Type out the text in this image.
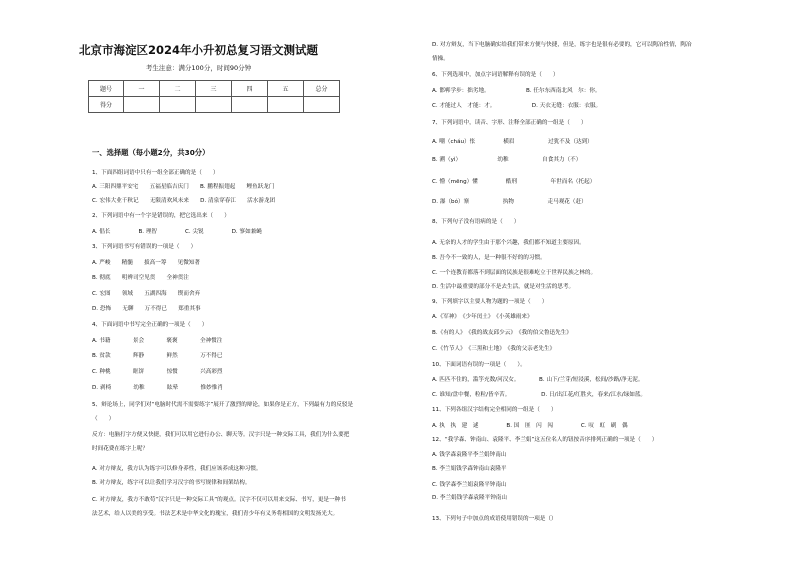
北京市海淀区2024年小升初总复习语文测试题
考生注意：满分100分，时间90分钟
题号	一	二	三	四	五	总分
得分						
一、选择题（每小题2分，共30分）
1、下面四组词语中只有一组全部正确的是（　　）
A. 三阳四鼎平安宅　　五福星临吉庆门　　B. 鹏程振翅起　　鲤鱼跃龙门
C. 宏伟大业千秋记　　无限清欢风未来　　D. 清泉穿春江　　活水游龙团
2、下列词语中有一个字是错误的，把它选出来（　　）
A. 倡长　　　　　B. 理智　　　　　C. 尖锐　　　　　D. 寥如兼蝇
3、下列词语书写有错误的一项是（　　）
A. 严峻　　精髓　　拔高一筹　　见微知著
B. 彻底　　明辨司空见贯　　全神贯注
C. 宏图　　领域　　五湖四海　　锲而舍弃
D. 恐怖　　无聊　　万不得已　　郑重其事
4、下面词语中书写完全正确的一项是（　　）
A. 书籍　　　　景会　　　　褒褒　　　　全神惯注
B. 贫款　　　　辉静　　　　鲜然　　　　万不得已
C. 种桃　　　　眶饼　　　　惊惯　　　　兴高彩烈
D. 剥椅　　　　幼稚　　　　眩晕　　　　惟妙惟肖
5、辩论场上，同学们对“电脑时代需不需要练字”展开了激烈的辩论，如果你是正方，下列最有力的反驳是
（　　）
反方：电脑打字方便又快捷，我们可以用它进行办公、聊天等。汉字只是一种交际工具，我们为什么要把
时间花费在练字上呢？
A. 对方辩友，我方认为练字可以修身养性，我们应该养成这种习惯。
B. 对方辩友，练字可以让我们学习汉字的书写规律和间架结构。
C. 对方辩友，我方不敢苟“汉字只是一种交际工具”的观点。汉字不仅可以用来交际、书写，更是一种书
法艺术，给人以美的享受。书法艺术是中华文化的瑰宝，我们青少年有义务将相国的文明发扬光大。
D. 对方辩友，当下电脑确实给我们带来方便与快捷，但是，练字也是很有必要的，它可以陶冶性情，陶冶
情操。
6、下列选项中，加点字词语解释有误的是（　　）
A. 邯郸学步：拙劣地。　　　　　　　B. 任尔东西南北风　尔：你。
C. 才能过人　才能：才。　　　　　　　D. 天衣无缝：衣服：衣服。
7、下列词语中，读音、字形、注释全部正确的一组是（　　）
A. 嘲（cháu）怅　　　　　横眉　　　　　　过犹不及（达到）
B. 溯（yì）　　　　　　　幼稚　　　　　　自食其力（不）
C. 懵（mēng）懂　　　　　酷刑　　　　　　年世而名（托起）
D. 瀑（bó）寨　　　　　　执物　　　　　　走马观花（赶）
8、下列句子没有语病的是（　　）
A. 无奈的人才的学生由于那个兴趣，我们都不知道主要原因。
B. 吾今不一致的人，是一种很不好的的习惯。
C. 一个连教育都落不到层面的民族是很难屹立于世界民族之林的。
D. 生活中最重要的部分不是去生活，就是对生活的思考。
9、下列填字以主要人物为题的一项是（　　）
A.《军神》　《少年闰土》　《小英雄雨来》
B.《有的人》　《我的战友邱少云》　《我的伯父鲁迅先生》
C.《竹节人》　《三黑和土地》　《我的父亲老先生》
10、下面词语有误的一项是（　　）。
A. 匹匹不住的，滥竽充数/河汉女。　　　　B. 山下/兰芽/短浸溪，松间/沙路/净无泥。
C. 谁知/盘中餐，粒粒/皆辛苦。　　　　　　D. 日/出江花/红胜火，春来/江水/绿如蓝。
11、下列各组汉字结构完全相同的一组是（　　）
A. 执　执　建　逑　　　　　B. 国　匪　闪　闯　　　　　C. 叹　虹　刷　偶
12、“我学森、钟南山、袁隆平、李兰娟”这五位名人的钮按音序排列正确的一项是（　　）
A. 钱学森袁隆平李兰娟钟南山
B. 李兰娟钱学森钟南山袁隆平
C. 钱学森李兰娟袁隆平钟南山
D. 李兰娟钱学森袁隆平钟南山
13、下列句子中加点的成语使用错误的一项是（）
